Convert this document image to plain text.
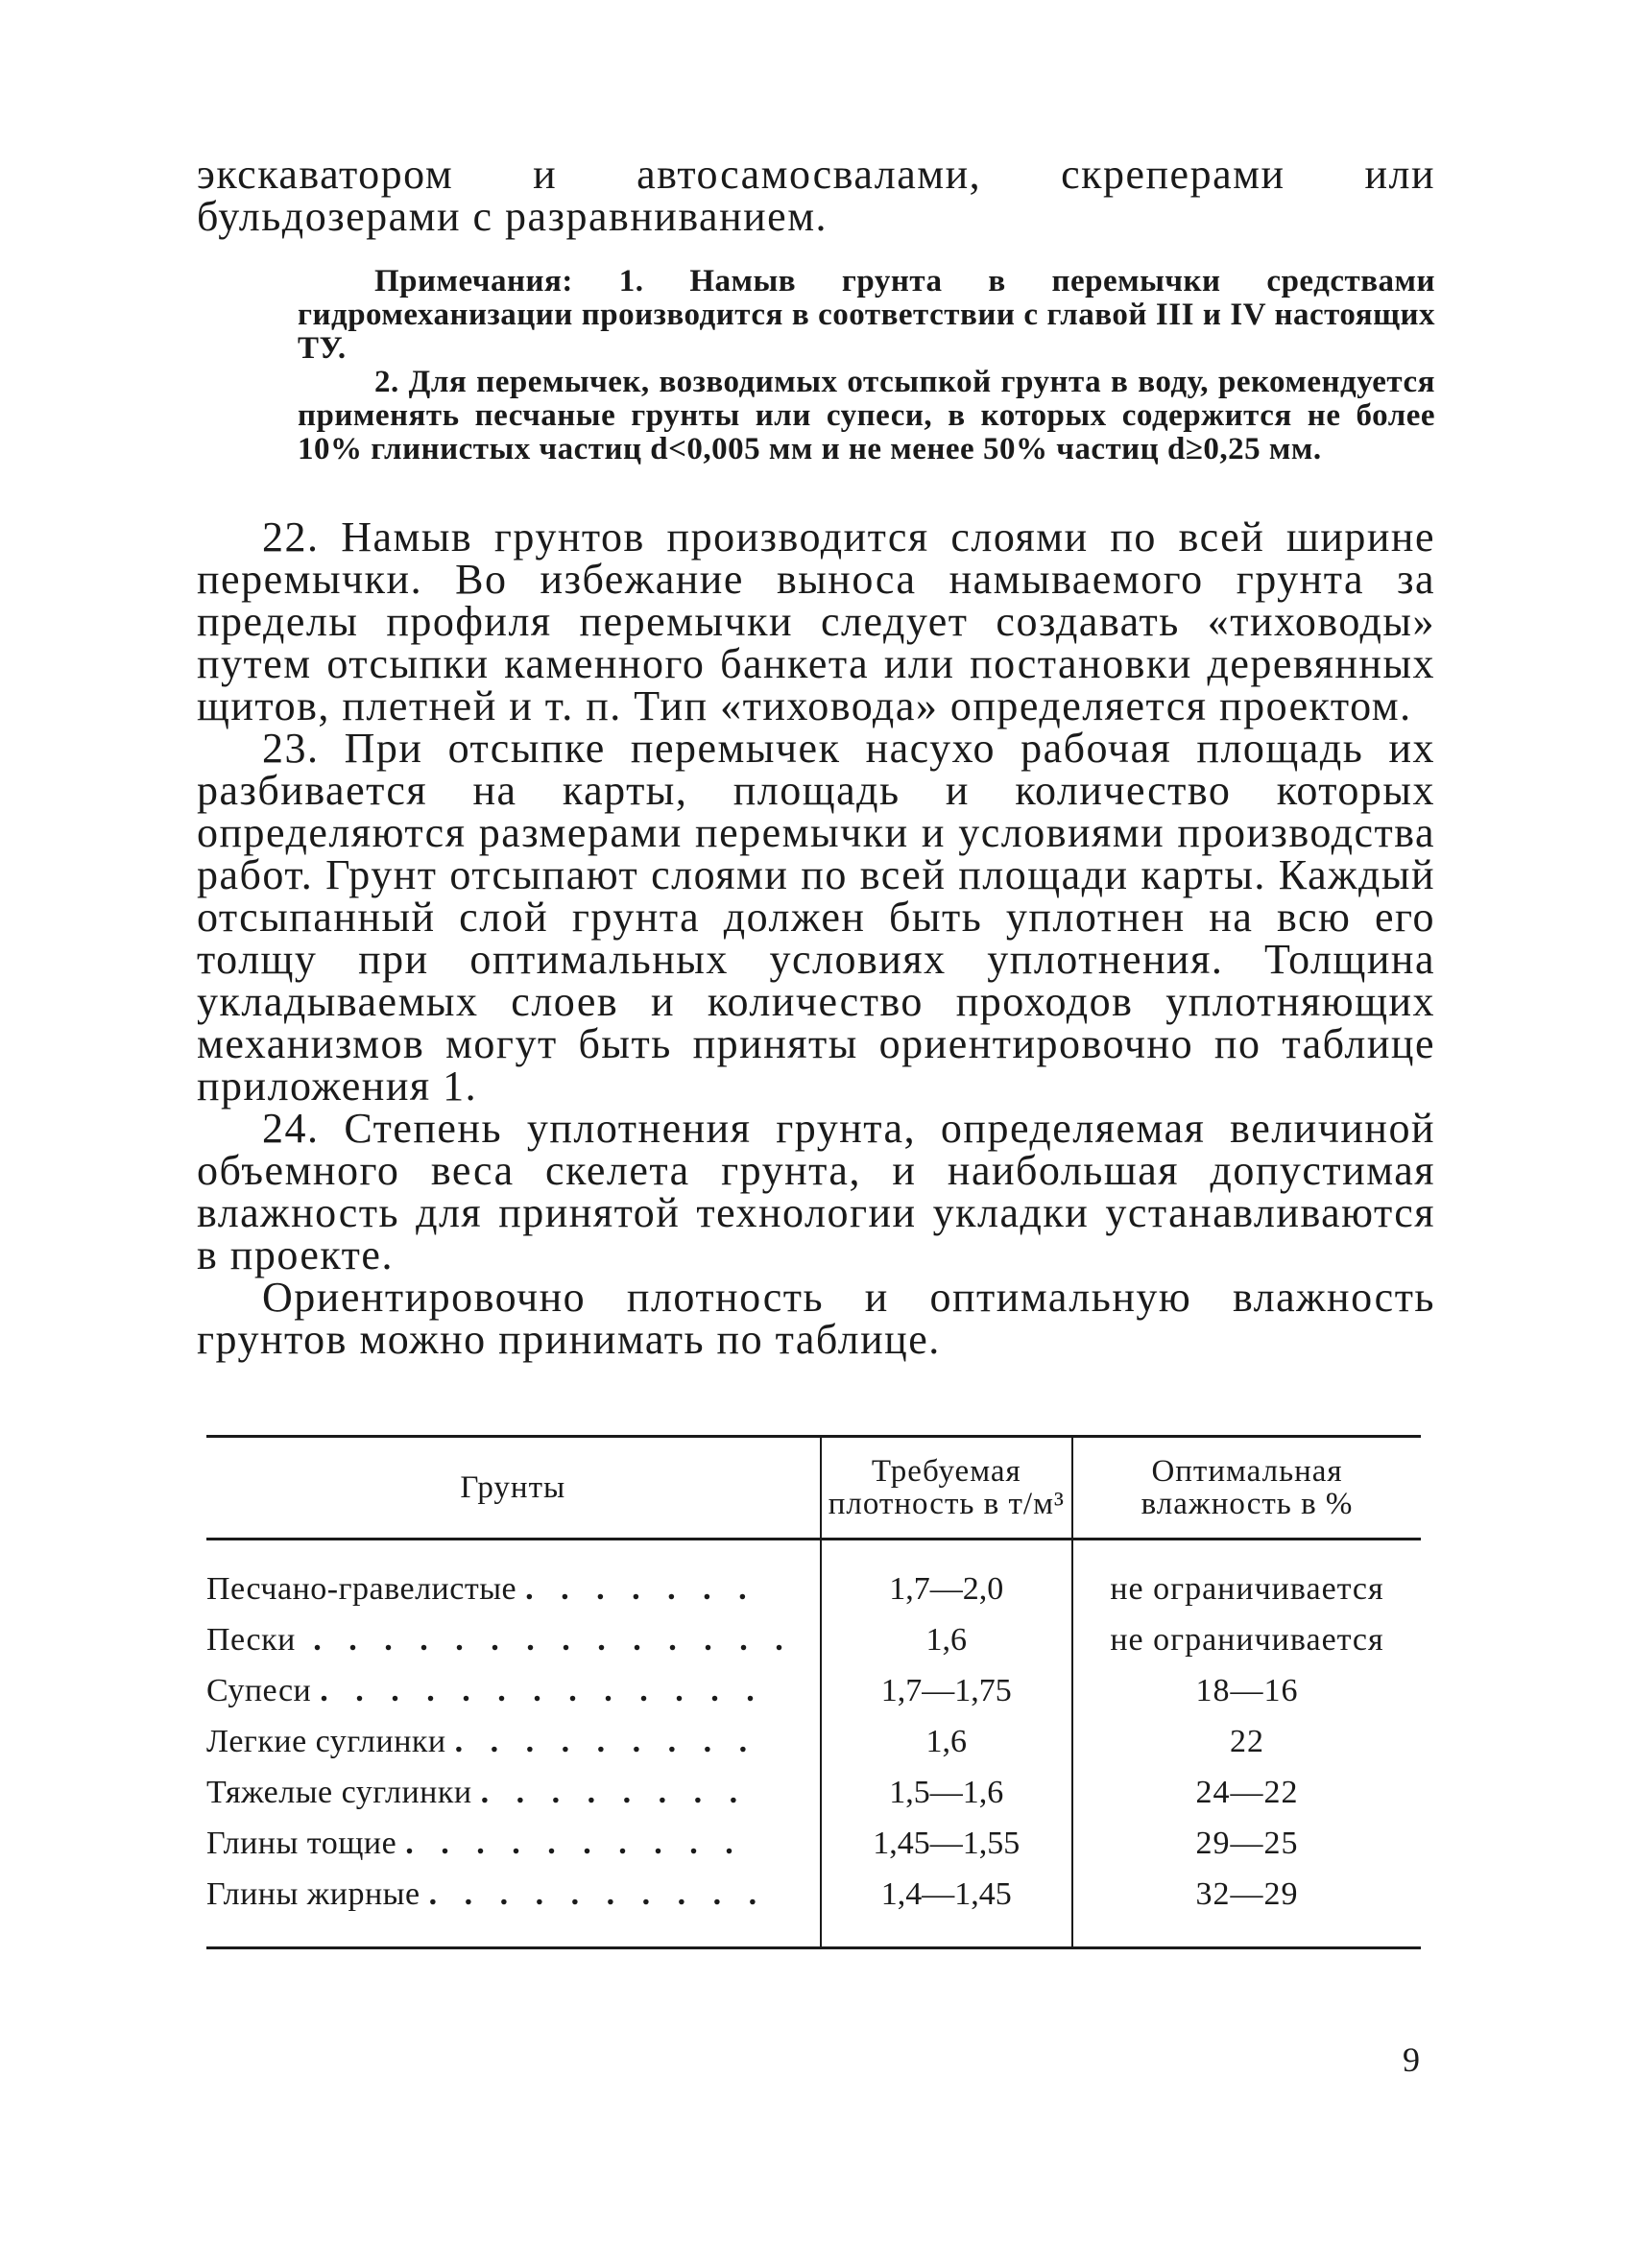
экскаватором и автосамосвалами, скреперами или бульдозерами с разравниванием.

Примечания: 1. Намыв грунта в перемычки средствами гидромеханизации производится в соответствии с главой III и IV настоящих ТУ.

2. Для перемычек, возводимых отсыпкой грунта в воду, рекомендуется применять песчаные грунты или супеси, в которых содержится не более 10% глинистых частиц d<0,005 мм и не менее 50% частиц d≥0,25 мм.

22. Намыв грунтов производится слоями по всей ширине перемычки. Во избежание выноса намываемого грунта за пределы профиля перемычки следует создавать «тиховоды» путем отсыпки каменного банкета или постановки деревянных щитов, плетней и т. п. Тип «тиховода» определяется проектом.

23. При отсыпке перемычек насухо рабочая площадь их разбивается на карты, площадь и количество которых определяются размерами перемычки и условиями производства работ. Грунт отсыпают слоями по всей площади карты. Каждый отсыпанный слой грунта должен быть уплотнен на всю его толщу при оптимальных условиях уплотнения. Толщина укладываемых слоев и количество проходов уплотняющих механизмов могут быть приняты ориентировочно по таблице приложения 1.

24. Степень уплотнения грунта, определяемая величиной объемного веса скелета грунта, и наибольшая допустимая влажность для принятой технологии укладки устанавливаются в проекте.

Ориентировочно плотность и оптимальную влажность грунтов можно принимать по таблице.

Грунты	Требуемая плотность в т/м³	Оптимальная влажность в %
Песчано-гравелистые . . . . . . .	1,7—2,0	не ограничивается
Пески . . . . . . . . . . . . . .	1,6	не ограничивается
Супеси . . . . . . . . . . . . .	1,7—1,75	18—16
Легкие суглинки . . . . . . . . .	1,6	22
Тяжелые суглинки . . . . . . . .	1,5—1,6	24—22
Глины тощие . . . . . . . . . .	1,45—1,55	29—25
Глины жирные . . . . . . . . . .	1,4—1,45	32—29
9
